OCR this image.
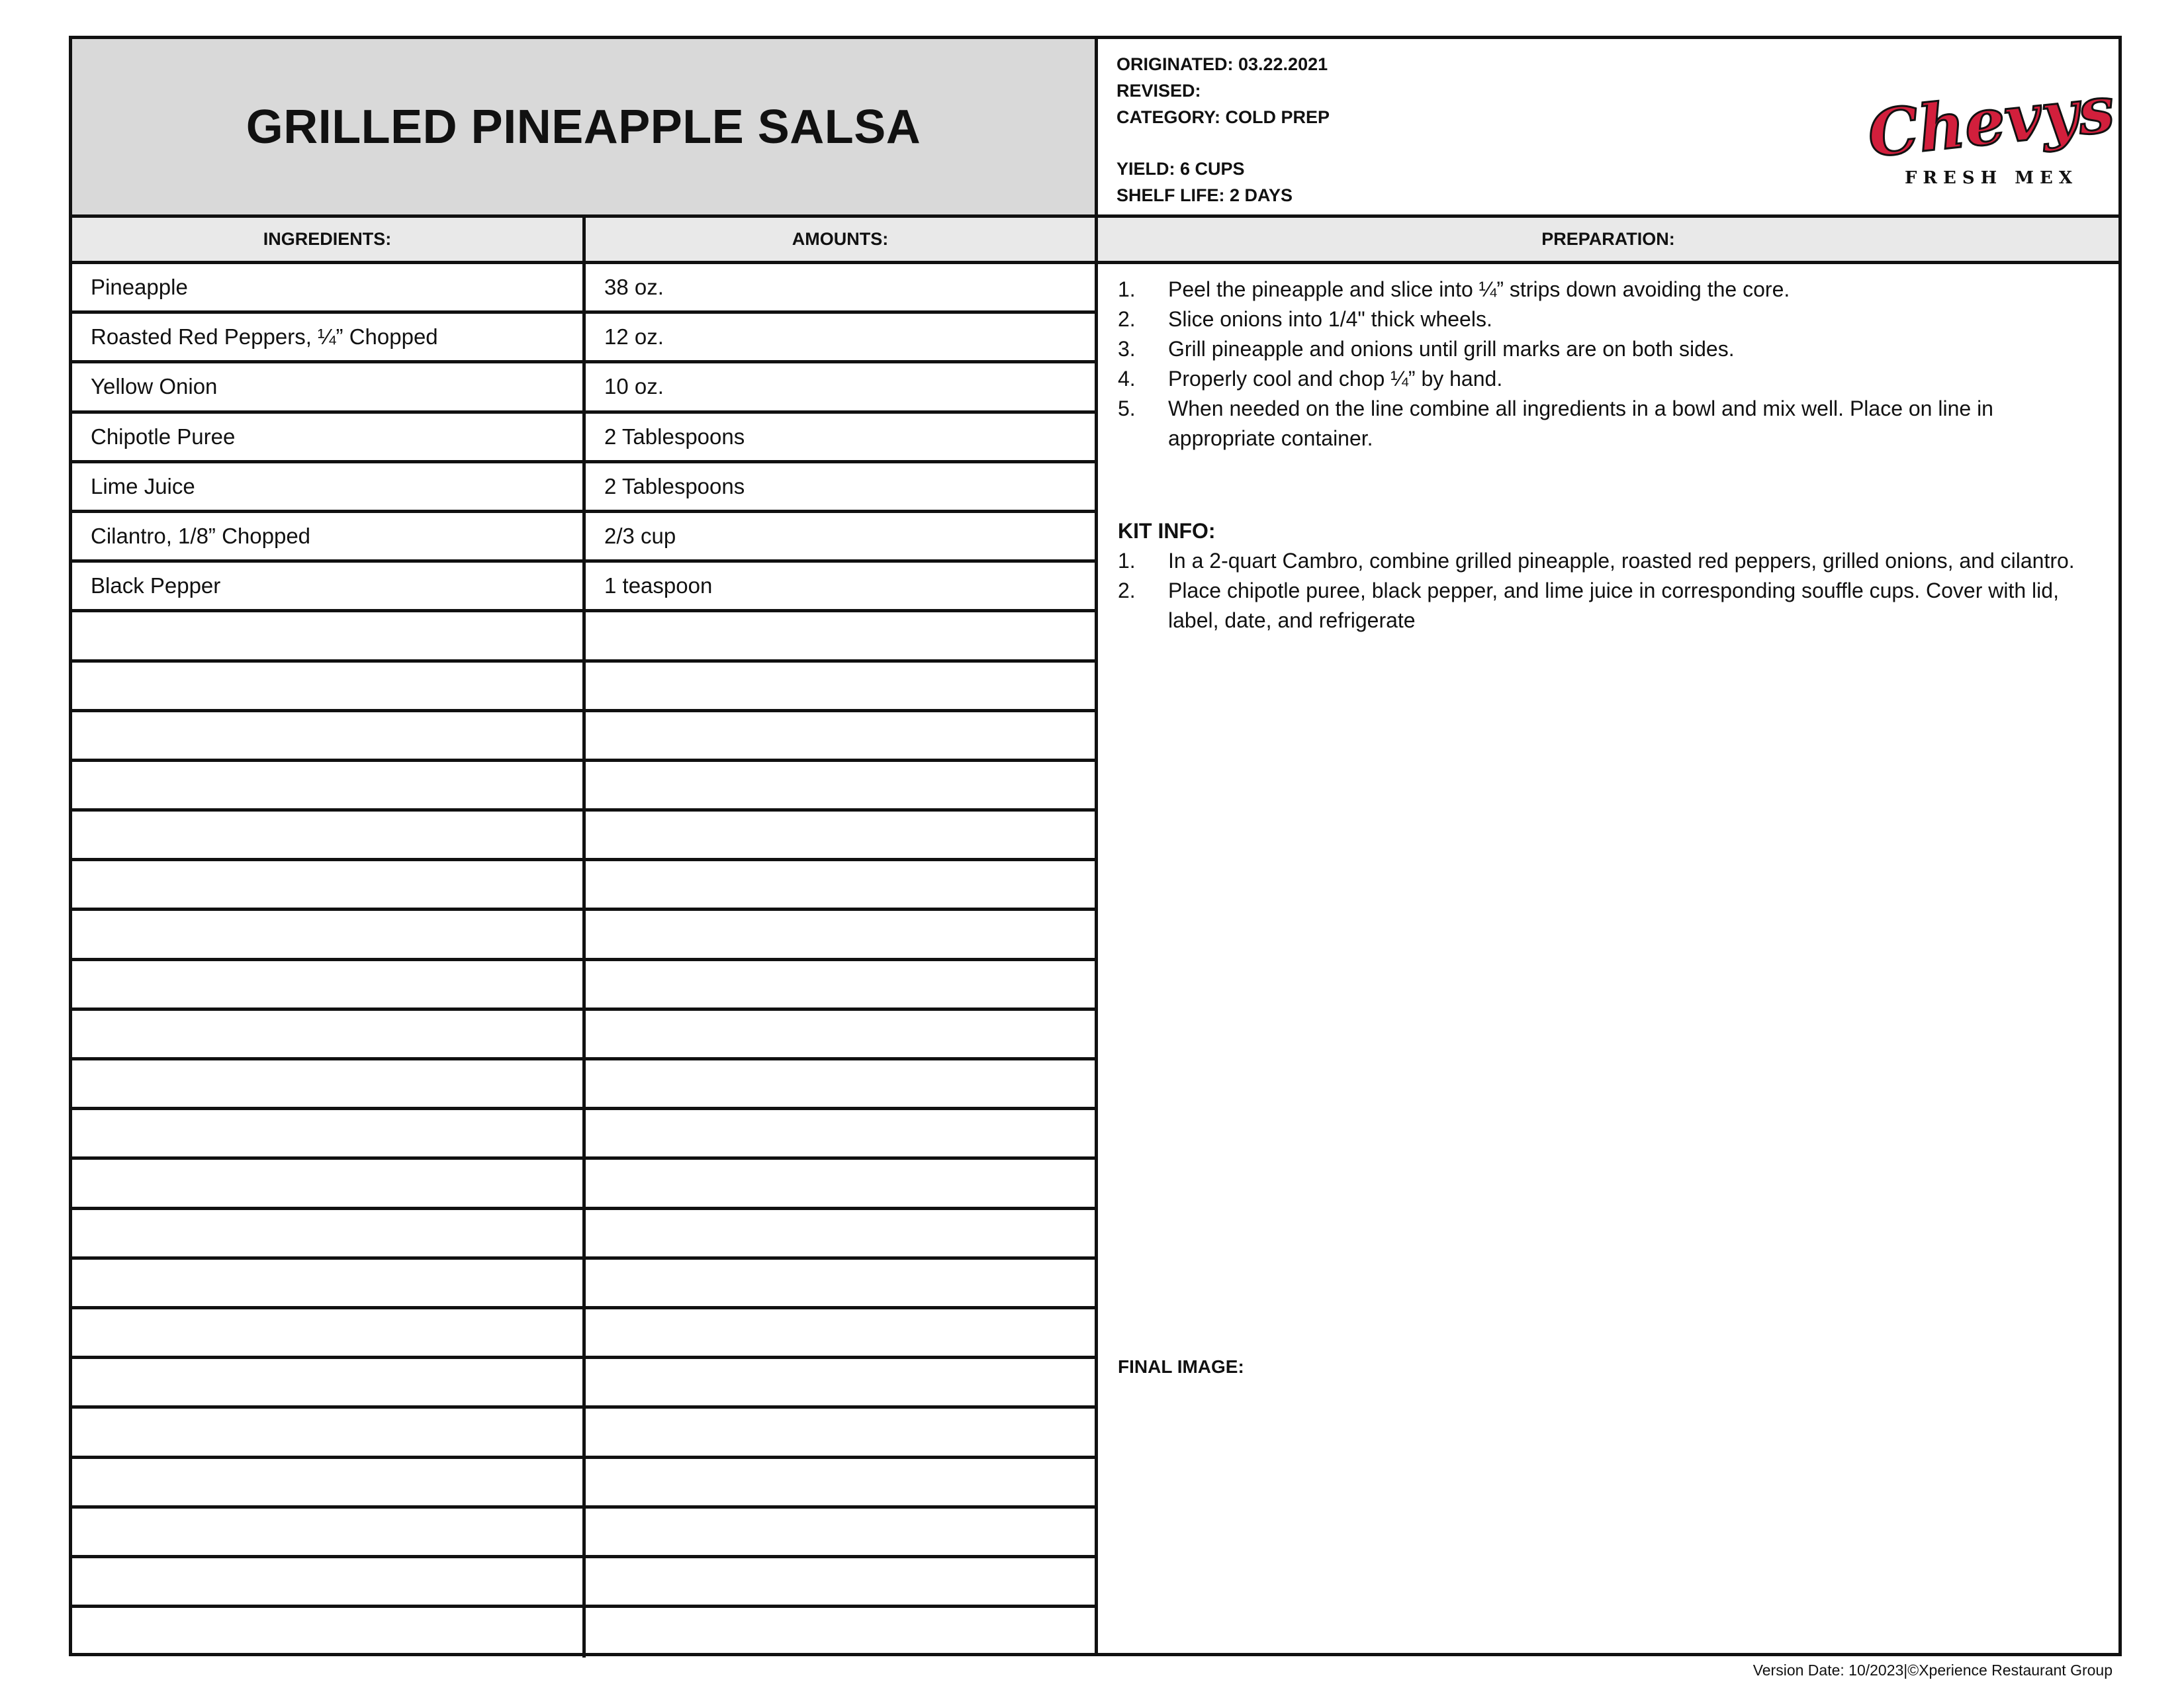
GRILLED PINEAPPLE SALSA
ORIGINATED: 03.22.2021
REVISED:
CATEGORY: COLD PREP
YIELD: 6 CUPS
SHELF LIFE: 2 DAYS
Chevys
FRESH MEX
INGREDIENTS:	AMOUNTS:	PREPARATION:
Pineapple	38 oz.
Roasted Red Peppers, ¼” Chopped	12 oz.
Yellow Onion	10 oz.
Chipotle Puree	2 Tablespoons
Lime Juice	2 Tablespoons
Cilantro, 1/8” Chopped	2/3 cup
Black Pepper	1 teaspoon
1.	Peel the pineapple and slice into ¼” strips down avoiding the core.
2.	Slice onions into 1/4" thick wheels.
3.	Grill pineapple and onions until grill marks are on both sides.
4.	Properly cool and chop ¼” by hand.
5.	When needed on the line combine all ingredients in a bowl and mix well. Place on line in appropriate container.
KIT INFO:
1.	In a 2-quart Cambro, combine grilled pineapple, roasted red peppers, grilled onions, and cilantro.
2.	Place chipotle puree, black pepper, and lime juice in corresponding souffle cups. Cover with lid, label, date, and refrigerate
FINAL IMAGE:
Version Date: 10/2023|©Xperience Restaurant Group
